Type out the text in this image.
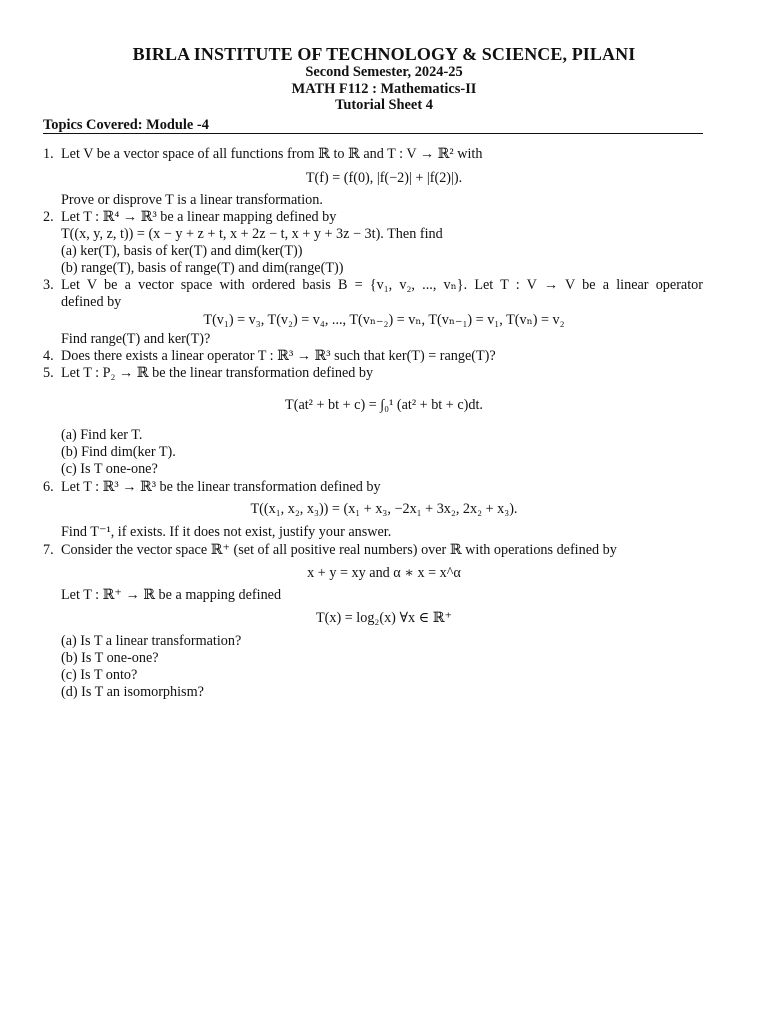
BIRLA INSTITUTE OF TECHNOLOGY & SCIENCE, PILANI
Second Semester, 2024-25
MATH F112 : Mathematics-II
Tutorial Sheet 4
Topics Covered: Module -4
1. Let V be a vector space of all functions from ℝ to ℝ and T : V → ℝ² with
T(f) = (f(0), |f(−2)| + |f(2)|).
Prove or disprove T is a linear transformation.
2. Let T : ℝ⁴ → ℝ³ be a linear mapping defined by
T((x, y, z, t)) = (x − y + z + t, x + 2z − t, x + y + 3z − 3t). Then find
(a) ker(T), basis of ker(T) and dim(ker(T))
(b) range(T), basis of range(T) and dim(range(T))
3. Let V be a vector space with ordered basis B = {v₁, v₂, ..., vₙ}. Let T : V → V be a linear operator
defined by
T(v₁) = v₃, T(v₂) = v₄, ..., T(vₙ₋₂) = vₙ, T(vₙ₋₁) = v₁, T(vₙ) = v₂
Find range(T) and ker(T)?
4. Does there exists a linear operator T : ℝ³ → ℝ³ such that ker(T) = range(T)?
5. Let T : P₂ → ℝ be the linear transformation defined by
T(at² + bt + c) = ∫₀¹ (at² + bt + c)dt.
(a) Find ker T.
(b) Find dim(ker T).
(c) Is T one-one?
6. Let T : ℝ³ → ℝ³ be the linear transformation defined by
T((x₁, x₂, x₃)) = (x₁ + x₃, −2x₁ + 3x₂, 2x₂ + x₃).
Find T⁻¹, if exists. If it does not exist, justify your answer.
7. Consider the vector space ℝ⁺ (set of all positive real numbers) over ℝ with operations defined by
x + y = xy and α ∗ x = x^α
Let T : ℝ⁺ → ℝ be a mapping defined
T(x) = log₂(x) ∀x ∈ ℝ⁺
(a) Is T a linear transformation?
(b) Is T one-one?
(c) Is T onto?
(d) Is T an isomorphism?
